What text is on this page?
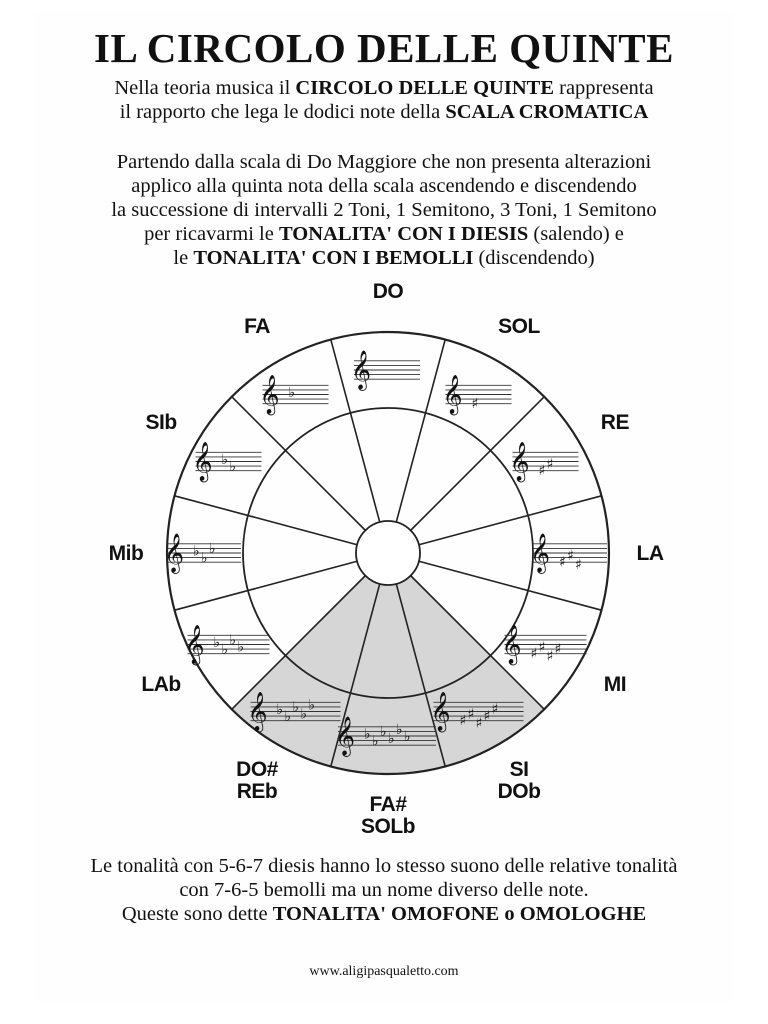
IL CIRCOLO DELLE QUINTE

Nella teoria musica il CIRCOLO DELLE QUINTE rappresenta

il rapporto che lega le dodici note della SCALA CROMATICA

Partendo dalla scala di Do Maggiore che non presenta alterazioni

applico alla quinta nota della scala ascendendo e discendendo

la successione di intervalli 2 Toni, 1 Semitono, 3 Toni, 1 Semitono

per ricavarmi le TONALITA' CON I DIESIS (salendo) e

le TONALITA' CON I BEMOLLI (discendendo)

𝄞
DO
𝄞 ♯
SOL
𝄞 ♯ ♯
RE
𝄞 ♯ ♯
♯	LA
𝄞 ♯ ♯
♯ ♯
MI
𝄞 ♯ ♯
♯ ♯ ♯
SI
DOb
𝄞 ♭ ♭
♭ ♭
♭ ♭
FA#
SOLb
𝄞 ♭ ♭
♭ ♭
♭
DO#
REb
𝄞 ♭ ♭
♭ ♭
LAb
𝄞 ♭ ♭
♭
Mib
𝄞 ♭ ♭
SIb
𝄞 ♭
FA

Le tonalità con 5-6-7 diesis hanno lo stesso suono delle relative tonalità

con 7-6-5 bemolli ma un nome diverso delle note.

Queste sono dette TONALITA' OMOFONE o OMOLOGHE

www.aligipasqualetto.com
